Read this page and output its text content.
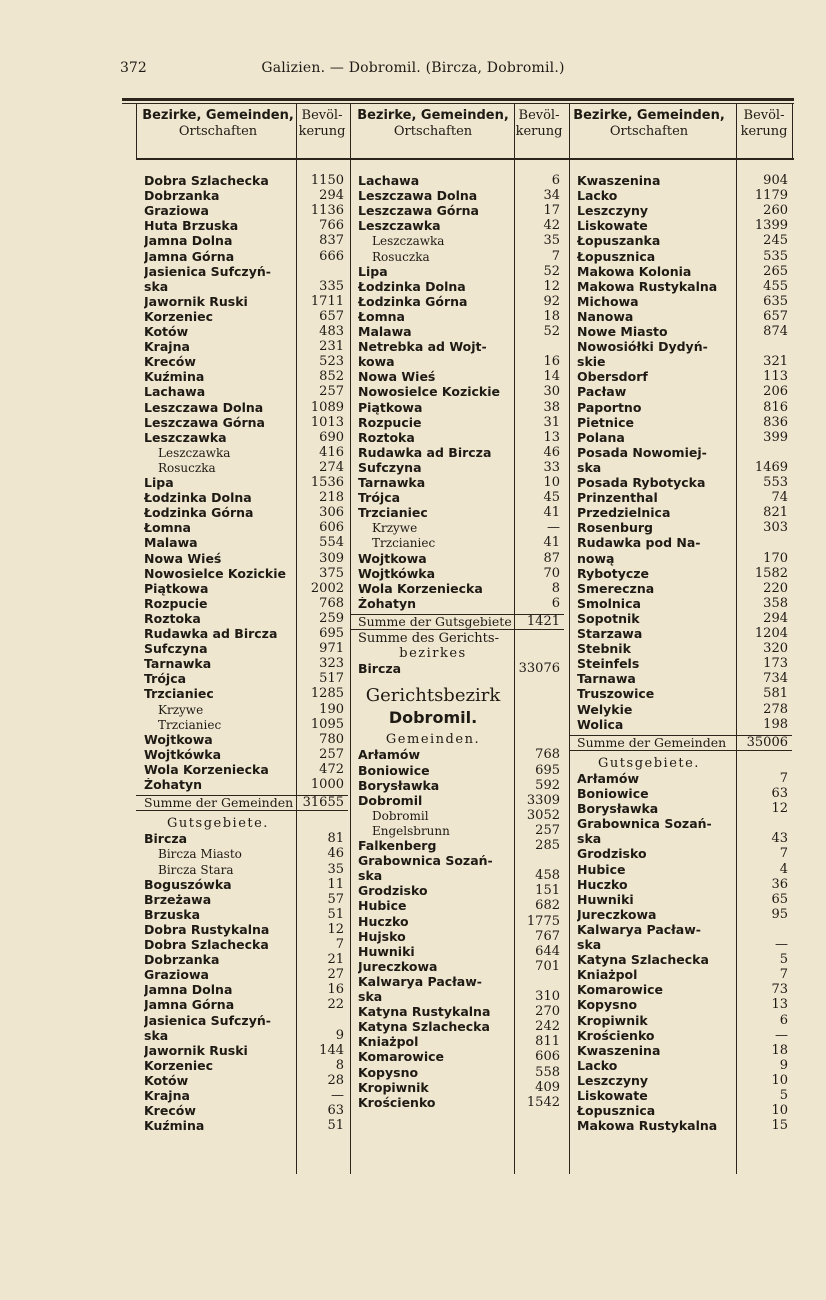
372	Galizien. — Dobromil. (Bircza, Dobromil.)
Bezirke, Gemeinden,
Ortschaften
Bevöl-
kerung
Bezirke, Gemeinden,
Ortschaften
Bevöl-
kerung
Bezirke, Gemeinden,
Ortschaften
Bevöl-
kerung
Dobra Szlachecka	1150
Dobrzanka	294
Graziowa	1136
Huta Brzuska	766
Jamna Dolna	837
Jamna Górna	666
Jasienica Sufczyń-
ska	335
Jawornik Ruski	1711
Korzeniec	657
Kotów	483
Krajna	231
Kreców	523
Kuźmina	852
Lachawa	257
Leszczawa Dolna	1089
Leszczawa Górna	1013
Leszczawka	690
Leszczawka	416
Rosuczka	274
Lipa	1536
Łodzinka Dolna	218
Łodzinka Górna	306
Łomna	606
Malawa	554
Nowa Wieś	309
Nowosielce Kozickie	375
Piątkowa	2002
Rozpucie	768
Roztoka	259
Rudawka ad Bircza	695
Sufczyna	971
Tarnawka	323
Trójca	517
Trzcianiec	1285
Krzywe	190
Trzcianiec	1095
Wojtkowa	780
Wojtkówka	257
Wola Korzeniecka	472
Żohatyn	1000
Summe der Gemeinden 31655
Gutsgebiete.
Bircza	81
Bircza Miasto	46
Bircza Stara	35
Boguszówka	11
Brzeżawa	57
Brzuska	51
Dobra Rustykalna	12
Dobra Szlachecka	7
Dobrzanka	21
Graziowa	27
Jamna Dolna	16
Jamna Górna	22
Jasienica Sufczyń-
ska	9
Jawornik Ruski	144
Korzeniec	8
Kotów	28
Krajna	—
Kreców	63
Kuźmina	51
Lachawa	6
Leszczawa Dolna	34
Leszczawa Górna	17
Leszczawka	42
Leszczawka	35
Rosuczka	7
Lipa	52
Łodzinka Dolna	12
Łodzinka Górna	92
Łomna	18
Malawa	52
Netrebka ad Wojt-
kowa	16
Nowa Wieś	14
Nowosielce Kozickie	30
Piątkowa	38
Rozpucie	31
Roztoka	13
Rudawka ad Bircza	46
Sufczyna	33
Tarnawka	10
Trójca	45
Trzcianiec	41
Krzywe	—
Trzcianiec	41
Wojtkowa	87
Wojtkówka	70
Wola Korzeniecka	8
Żohatyn	6
Summe der Gutsgebiete	1421
Summe des Gerichts-
bezirkes
Bircza	33076
Gerichtsbezirk
Dobromil.
Gemeinden.
Arłamów	768
Boniowice	695
Borysławka	592
Dobromil	3309
Dobromil	3052
Engelsbrunn	257
Falkenberg	285
Grabownica Sozań-
ska	458
Grodzisko	151
Hubice	682
Huczko	1775
Hujsko	767
Huwniki	644
Jureczkowa	701
Kalwarya Pacław-
ska	310
Katyna Rustykalna	270
Katyna Szlachecka	242
Kniażpol	811
Komarowice	606
Kopysno	558
Kropiwnik	409
Krościenko	1542
Kwaszenina	904
Lacko	1179
Leszczyny	260
Liskowate	1399
Łopuszanka	245
Łopusznica	535
Makowa Kolonia	265
Makowa Rustykalna	455
Michowa	635
Nanowa	657
Nowe Miasto	874
Nowosiółki Dydyń-
skie	321
Obersdorf	113
Pacław	206
Paportno	816
Pietnice	836
Polana	399
Posada Nowomiej-
ska	1469
Posada Rybotycka	553
Prinzenthal	74
Przedzielnica	821
Rosenburg	303
Rudawka pod Na-
nową	170
Rybotycze	1582
Smereczna	220
Smolnica	358
Sopotnik	294
Starzawa	1204
Stebnik	320
Steinfels	173
Tarnawa	734
Truszowice	581
Welykie	278
Wolica	198
Summe der Gemeinden	35006
Gutsgebiete.
Arłamów	7
Boniowice	63
Borysławka	12
Grabownica Sozań-
ska	43
Grodzisko	7
Hubice	4
Huczko	36
Huwniki	65
Jureczkowa	95
Kalwarya Pacław-
ska	—
Katyna Szlachecka	5
Kniażpol	7
Komarowice	73
Kopysno	13
Kropiwnik	6
Krościenko	—
Kwaszenina	18
Lacko	9
Leszczyny	10
Liskowate	5
Łopusznica	10
Makowa Rustykalna	15
